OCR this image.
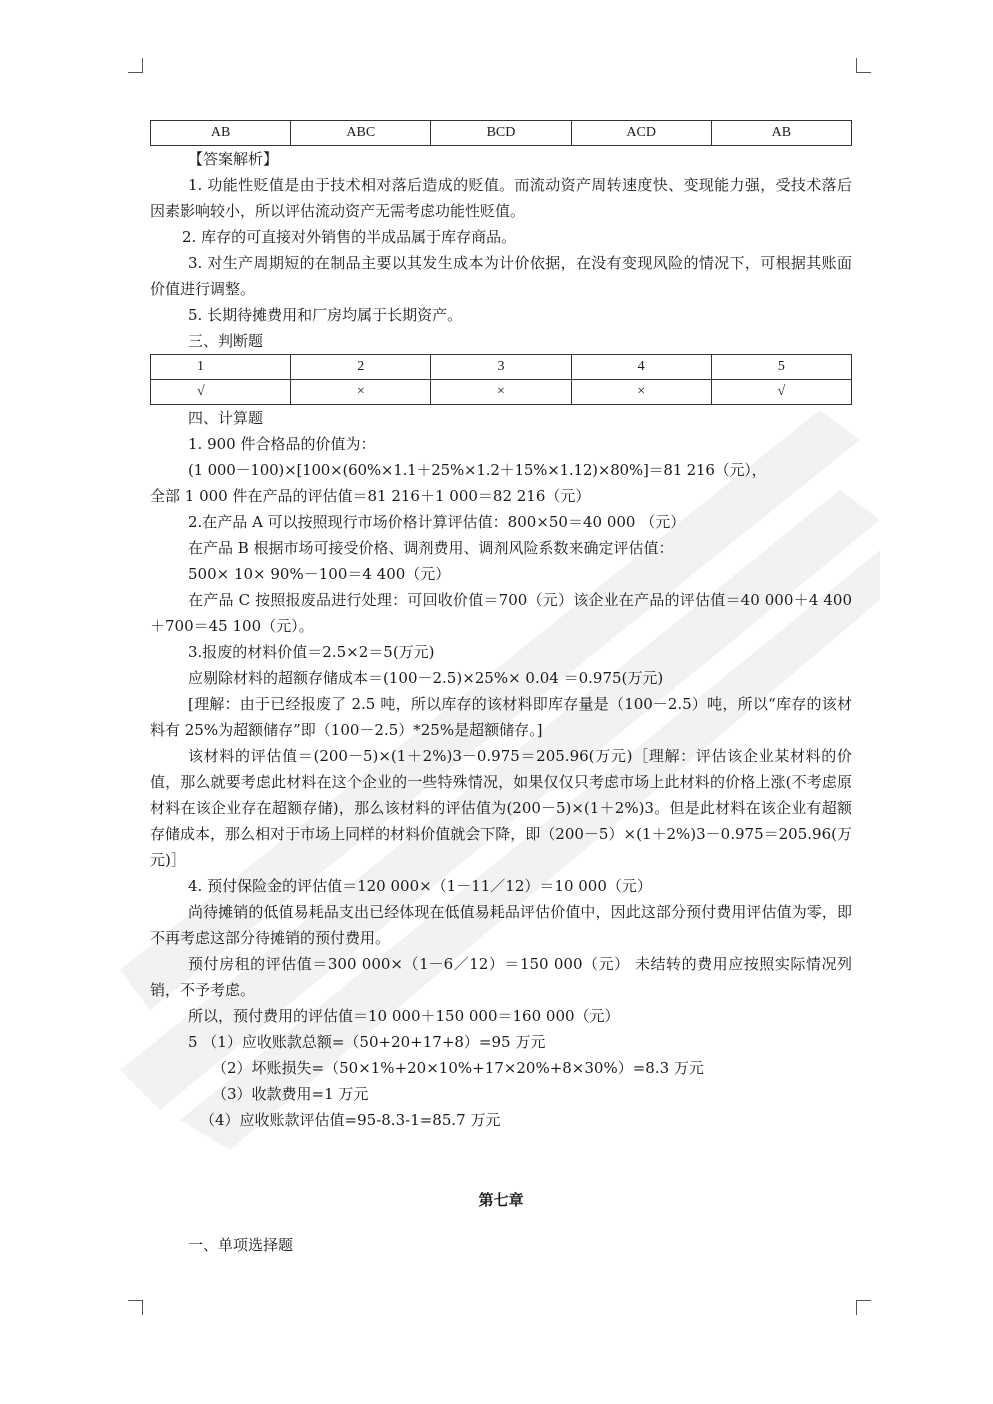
AB	ABC	BCD	ACD	AB

【答案解析】

1. 功能性贬值是由于技术相对落后造成的贬值。而流动资产周转速度快、变现能力强，受技术落后因素影响较小，所以评估流动资产无需考虑功能性贬值。

2. 库存的可直接对外销售的半成品属于库存商品。

3. 对生产周期短的在制品主要以其发生成本为计价依据，在没有变现风险的情况下，可根据其账面价值进行调整。

5. 长期待摊费用和厂房均属于长期资产。

三、判断题

1	2	3	4	5
√	×	×	×	√

四、计算题

1. 900 件合格品的价值为：

(1 000－100)×[100×(60%×1.1＋25%×1.2＋15%×1.12)×80%]＝81 216（元），

全部 1 000 件在产品的评估值＝81 216＋1 000＝82 216（元）

2.在产品 A 可以按照现行市场价格计算评估值：800×50＝40 000 （元）

在产品 B 根据市场可接受价格、调剂费用、调剂风险系数来确定评估值：

500× 10× 90%－100＝4 400（元）

在产品 C 按照报废品进行处理：可回收价值＝700（元）该企业在产品的评估值＝40 000＋4 400＋700＝45 100（元）。

3.报废的材料价值＝2.5×2＝5(万元)

应剔除材料的超额存储成本＝(100－2.5)×25%× 0.04 ＝0.975(万元)

[理解：由于已经报废了 2.5 吨，所以库存的该材料即库存量是（100－2.5）吨，所以“库存的该材料有 25%为超额储存”即（100－2.5）*25%是超额储存。]

该材料的评估值＝(200－5)×(1＋2%)3－0.975＝205.96(万元)［理解：评估该企业某材料的价值，那么就要考虑此材料在这个企业的一些特殊情况，如果仅仅只考虑市场上此材料的价格上涨(不考虑原材料在该企业存在超额存储)，那么该材料的评估值为(200－5)×(1＋2%)3。但是此材料在该企业有超额存储成本，那么相对于市场上同样的材料价值就会下降，即（200－5）×(1＋2%)3－0.975＝205.96(万元)］

4. 预付保险金的评估值＝120 000×（1－11／12）＝10 000（元）

尚待摊销的低值易耗品支出已经体现在低值易耗品评估价值中，因此这部分预付费用评估值为零，即不再考虑这部分待摊销的预付费用。

预付房租的评估值＝300 000×（1－6／12）＝150 000（元） 未结转的费用应按照实际情况列销，不予考虑。

所以，预付费用的评估值＝10 000＋150 000＝160 000（元）

5 （1）应收账款总额=（50+20+17+8）=95 万元

（2）坏账损失=（50×1%+20×10%+17×20%+8×30%）=8.3 万元

（3）收款费用=1 万元

（4）应收账款评估值=95-8.3-1=85.7 万元

第七章

一、单项选择题
